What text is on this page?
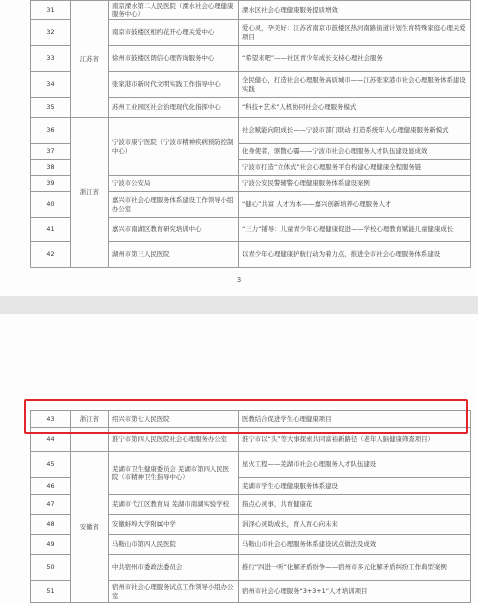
31	江苏省	南京溧水第二人民医院（溧水社会心理健康服务中心）	溧水区社会心理健康服务提质增效
32		南京市鼓楼区相约花开心理关爱中心	爱心灵，孕美好：江苏省南京市鼓楼区热河南路街道计划生育特殊家庭心理关爱项目
33		徐州市鼓楼区朗信心理咨询服务中心	“希望来吧”——社区青少年成长支持心理社会服务
34		张家港市新时代文明实践工作指导中心	全民健心，打造社会心理服务高质城市——江苏张家港市社会心理服务体系建设实践
35		苏州工业园区社会治理现代化指挥中心	“科技+艺术”人机协同社会心理服务模式
36	浙江省	宁波市康宁医院（宁波市精神疾病预防控制中心）	社会赋能向阳成长——宁波市部门联动 打造系统年人心理健康服务新模式
37			化身使者，驱散心霾——宁波市社会心理服务人才队伍建设显成效
38			宁波市打造“立体式”社会心理服务平台构建心理健康全程服务链
39		宁波市公安局	宁波公安民警辅警心理健康服务体系建设案例
40		嘉兴市社会心理服务体系建设工作领导小组办公室	“健心”共富 人才为本——嘉兴创新培养心理服务人才
41		嘉兴市南湖区教育研究培训中心	“三力”铺导：儿童青少年心理健康促进——学校心理教育赋能儿童健康成长
42		湖州市第三人民医院	以青少年心理健康护航行动为着力点，推进全市社会心理服务体系建设
3
43	浙江省	绍兴市第七人民医院	医教结合促进学生心理健康项目
44		淮宁市第四人民医院社会心理服务办公室	淮宁市以“头”等大事探索共同富裕新路径（老年人脑健康筛查项目）
45	安徽省	芜湖市卫生健康委员会 芜湖市第四人民医院（市精神卫生指导中心）	星火工程——芜湖市社会心理服务人才队伍建设
46			芜湖市学生心理健康服务体系建设
47		芜湖市弋江区教育局 芜湖市南湖实验学校	指点心灵事，共育健康花
48		安徽蚌埠大学附属中学	涓泽心灵助成长，育人育心向未来
49		马鞍山市第四人民医院	马鞍山市社会心理服务体系建设试点做法及成效
50		中共宿州市委政法委员会	推行“四进一听”化解矛盾纷争——宿州市多元化解矛盾纠纷工作典型案例
51		宿州市社会心理服务试点工作领导小组办公室	宿州市社会心理服务“3+3+1”人才培训项目
